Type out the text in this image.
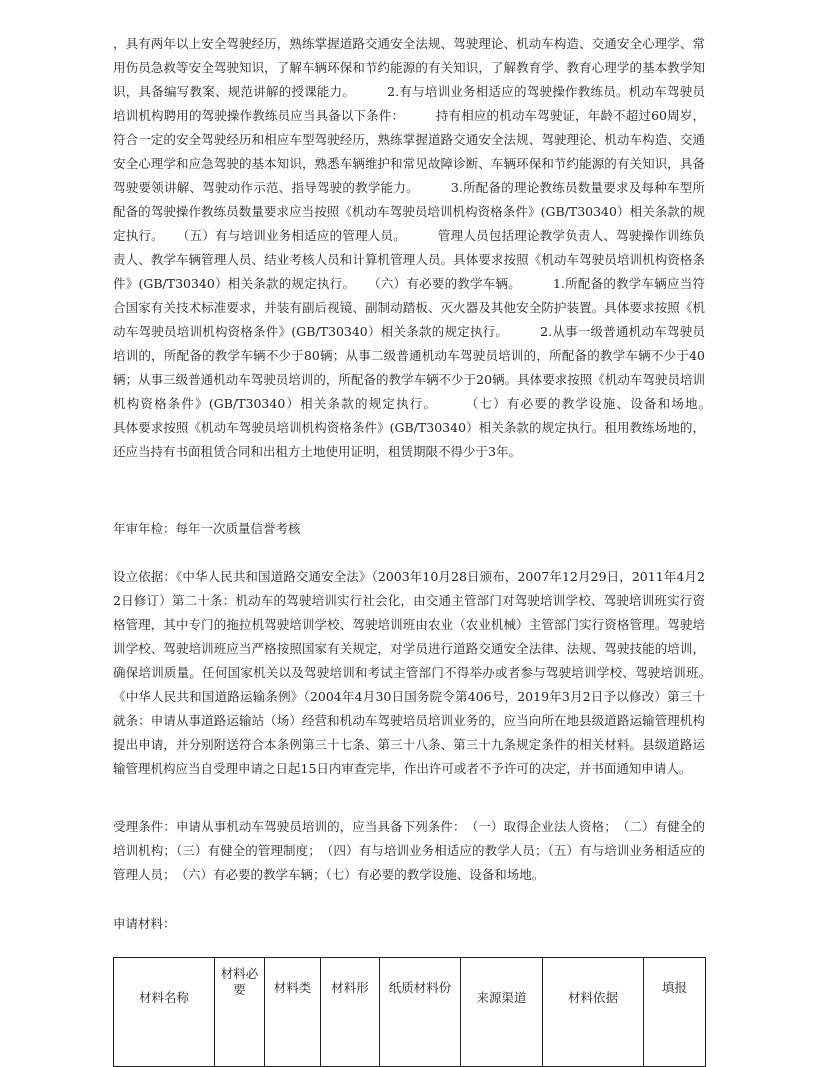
，具有两年以上安全驾驶经历，熟练掌握道路交通安全法规、驾驶理论、机动车构造、交通安全心理学、常用伤员急救等安全驾驶知识，了解车辆环保和节约能源的有关知识，了解教育学、教育心理学的基本教学知识，具备编写教案、规范讲解的授课能力。　　　2.有与培训业务相适应的驾驶操作教练员。机动车驾驶员培训机构聘用的驾驶操作教练员应当具备以下条件：　　　持有相应的机动车驾驶证，年龄不超过60周岁，符合一定的安全驾驶经历和相应车型驾驶经历，熟练掌握道路交通安全法规、驾驶理论、机动车构造、交通安全心理学和应急驾驶的基本知识，熟悉车辆维护和常见故障诊断、车辆环保和节约能源的有关知识，具备驾驶要领讲解、驾驶动作示范、指导驾驶的教学能力。　　　3.所配备的理论教练员数量要求及每种车型所配备的驾驶操作教练员数量要求应当按照《机动车驾驶员培训机构资格条件》(GB/T30340）相关条款的规定执行。　　（五）有与培训业务相适应的管理人员。　　　管理人员包括理论教学负责人、驾驶操作训练负责人、教学车辆管理人员、结业考核人员和计算机管理人员。具体要求按照《机动车驾驶员培训机构资格条件》(GB/T30340）相关条款的规定执行。　　（六）有必要的教学车辆。　　　1.所配备的教学车辆应当符合国家有关技术标准要求，并装有副后视镜、副制动踏板、灭火器及其他安全防护装置。具体要求按照《机动车驾驶员培训机构资格条件》(GB/T30340）相关条款的规定执行。　　　2.从事一级普通机动车驾驶员培训的，所配备的教学车辆不少于80辆；从事二级普通机动车驾驶员培训的，所配备的教学车辆不少于40辆；从事三级普通机动车驾驶员培训的，所配备的教学车辆不少于20辆。具体要求按照《机动车驾驶员培训机构资格条件》(GB/T30340）相关条款的规定执行。　　　（七）有必要的教学设施、设备和场地。　　　具体要求按照《机动车驾驶员培训机构资格条件》(GB/T30340）相关条款的规定执行。租用教练场地的，还应当持有书面租赁合同和出租方土地使用证明，租赁期限不得少于3年。

年审年检：每年一次质量信誉考核

设立依据：《中华人民共和国道路交通安全法》（2003年10月28日颁布，2007年12月29日，2011年4月22日修订）第二十条：机动车的驾驶培训实行社会化，由交通主管部门对驾驶培训学校、驾驶培训班实行资格管理，其中专门的拖拉机驾驶培训学校、驾驶培训班由农业（农业机械）主管部门实行资格管理。驾驶培训学校、驾驶培训班应当严格按照国家有关规定，对学员进行道路交通安全法律、法规、驾驶技能的培训，确保培训质量。任何国家机关以及驾驶培训和考试主管部门不得举办或者参与驾驶培训学校、驾驶培训班。　《中华人民共和国道路运输条例》（2004年4月30日国务院令第406号，2019年3月2日予以修改）第三十就条：申请从事道路运输站（场）经营和机动车驾驶培员培训业务的，应当向所在地县级道路运输管理机构提出申请，并分别附送符合本条例第三十七条、第三十八条、第三十九条规定条件的相关材料。县级道路运输管理机构应当自受理申请之日起15日内审查完毕，作出许可或者不予许可的决定，并书面通知申请人。

受理条件：申请从事机动车驾驶员培训的，应当具备下列条件：　（一）取得企业法人资格；　（二）有健全的培训机构；（三）有健全的管理制度；　（四）有与培训业务相适应的教学人员；（五）有与培训业务相适应的管理人员；　（六）有必要的教学车辆；（七）有必要的教学设施、设备和场地。

申请材料：

材料名称	材料必要	材料类	材料形	纸质材料份	来源渠道	材料依据	填报
